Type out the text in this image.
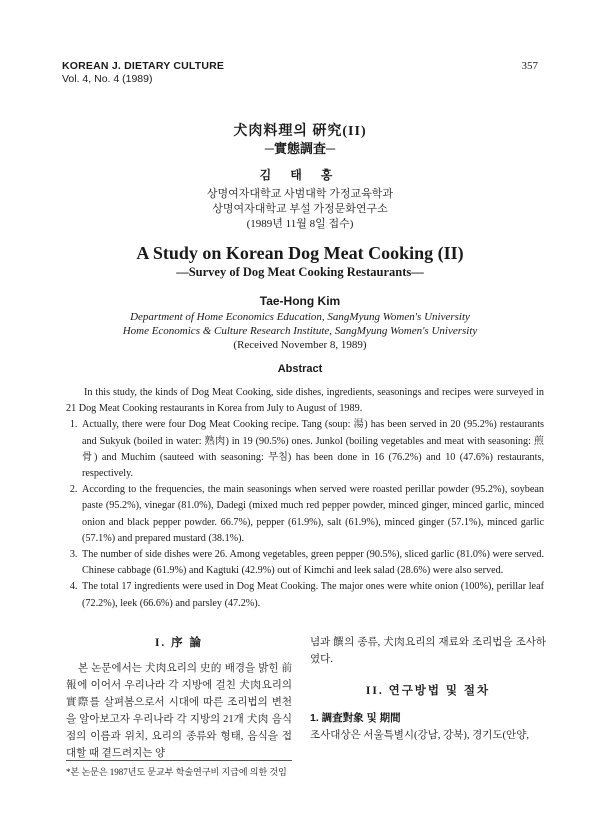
KOREAN J. DIETARY CULTURE
Vol. 4, No. 4 (1989)
357
犬肉料理의 硏究(II)
─實態調査─
김 태 홍
상명여자대학교 사범대학 가정교육학과
상명여자대학교 부설 가정문화연구소
(1989년 11월 8일 접수)
A Study on Korean Dog Meat Cooking (II)
—Survey of Dog Meat Cooking Restaurants—
Tae-Hong Kim
Department of Home Economics Education, SangMyung Women's University
Home Economics & Culture Research Institute, SangMyung Women's University
(Received November 8, 1989)
Abstract

In this study, the kinds of Dog Meat Cooking, side dishes, ingredients, seasonings and recipes were surveyed in 21 Dog Meat Cooking restaurants in Korea from July to August of 1989.

1. Actually, there were four Dog Meat Cooking recipe. Tang (soup: 湯) has been served in 20 (95.2%) restaurants and Sukyuk (boiled in water: 熟肉) in 19 (90.5%) ones. Junkol (boiling vegetables and meat with seasoning: 煎骨) and Muchim (sauteed with seasoning: 무침) has been done in 16 (76.2%) and 10 (47.6%) restaurants, respectively.
2. According to the frequencies, the main seasonings when served were roasted perillar powder (95.2%), soybean paste (95.2%), vinegar (81.0%), Dadegi (mixed much red pepper powder, minced ginger, minced garlic, minced onion and black pepper powder. 66.7%), pepper (61.9%), salt (61.9%), minced ginger (57.1%), minced garlic (57.1%) and prepared mustard (38.1%).
3. The number of side dishes were 26. Among vegetables, green pepper (90.5%), sliced garlic (81.0%) were served. Chinese cabbage (61.9%) and Kagtuki (42.9%) out of Kimchi and leek salad (28.6%) were also served.
4. The total 17 ingredients were used in Dog Meat Cooking. The major ones were white onion (100%), perillar leaf (72.2%), leek (66.6%) and parsley (47.2%).
I. 序 論

본 논문에서는 犬肉요리의 史的 배경을 밝힌 前報에 이어서 우리나라 각 지방에 걸친 犬肉요리의 實際를 살펴봄으로서 시대에 따른 조리법의 변천을 알아보고자 우리나라 각 지방의 21개 犬肉 음식점의 이름과 위치, 요리의 종류와 형태, 음식을 접대할 때 곁드려지는 양

념과 饌의 종류, 犬肉요리의 재료와 조리법을 조사하였다.

II. 연구방법 및 절차
1. 調査對象 및 期間

조사대상은 서울특별시(강남, 강북), 경기도(안양,

*본 논문은 1987년도 문교부 학술연구비 지급에 의한 것임
